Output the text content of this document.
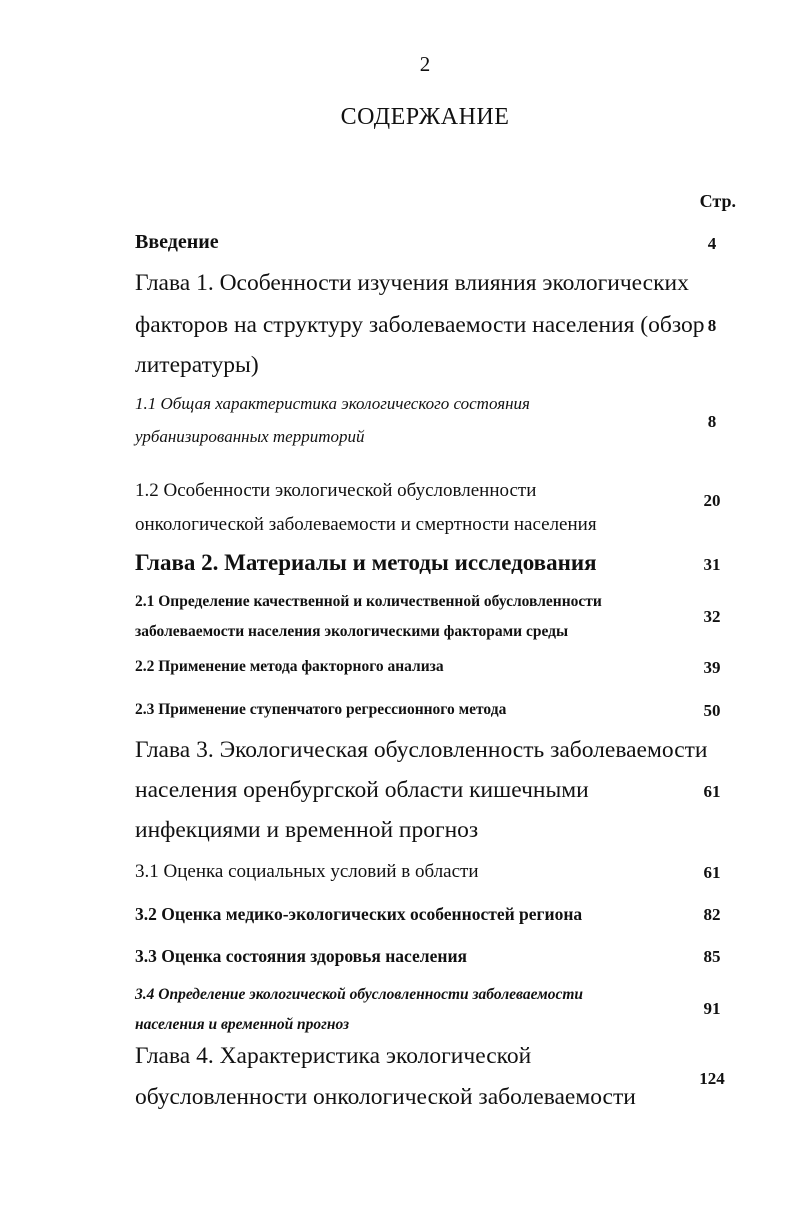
2
СОДЕРЖАНИЕ
Стр.
Введение	4
Глава 1. Особенности изучения влияния экологических
факторов на структуру заболеваемости населения (обзор
литературы)
8
1.1 Общая характеристика экологического состояния
урбанизированных территорий
8
1.2 Особенности экологической обусловленности
онкологической заболеваемости и смертности населения
20
Глава 2. Материалы и методы исследования	31
2.1 Определение качественной и количественной обусловленности
заболеваемости населения экологическими факторами среды
32
2.2 Применение метода факторного анализа	39
2.3 Применение ступенчатого регрессионного метода	50
Глава 3. Экологическая обусловленность заболеваемости
населения оренбургской области кишечными
инфекциями и временной прогноз
61
3.1 Оценка социальных условий в области	61
3.2 Оценка медико-экологических особенностей региона	82
3.3 Оценка состояния здоровья населения	85
3.4 Определение экологической обусловленности заболеваемости
населения и временной прогноз
91
Глава 4. Характеристика экологической
обусловленности онкологической заболеваемости
124
